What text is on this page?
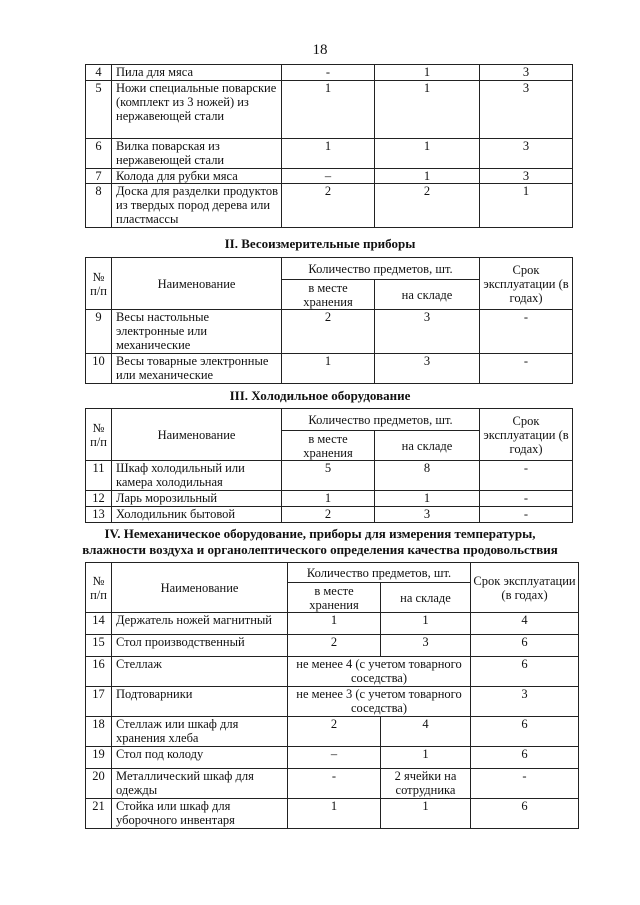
18
4	Пила для мяса	-	1	3
5	Ножи специальные поварские (комплект из 3 ножей) из нержавеющей стали	1	1	3
6	Вилка поварская из нержавеющей стали	1	1	3
7	Колода для рубки мяса	–	1	3
8	Доска для разделки продуктов из твердых пород дерева или пластмассы	2	2	1
II. Весоизмерительные приборы
№ п/п	Наименование	Количество предметов, шт.		Срок эксплуатации (в годах)
		в месте хранения	на складе	
9	Весы настольные электронные или механические	2	3	-
10	Весы товарные электронные или механические	1	3	-
III. Холодильное оборудование
№ п/п	Наименование	Количество предметов, шт.		Срок эксплуатации (в годах)
		в месте хранения	на складе	
11	Шкаф холодильный или камера холодильная	5	8	-
12	Ларь морозильный	1	1	-
13	Холодильник бытовой	2	3	-
IV. Немеханическое оборудование, приборы для измерения температуры,
влажности воздуха и органолептического определения качества продовольствия
№ п/п	Наименование	Количество предметов, шт.		Срок эксплуатации (в годах)
		в месте хранения	на складе	
14	Держатель ножей магнитный	1	1	4
15	Стол производственный	2	3	6
16	Стеллаж	не менее 4 (с учетом товарного соседства)		6
17	Подтоварники	не менее 3 (с учетом товарного соседства)		3
18	Стеллаж или шкаф для хранения хлеба	2	4	6
19	Стол под колоду	–	1	6
20	Металлический шкаф для одежды	-	2 ячейки на сотрудника	-
21	Стойка или шкаф для уборочного инвентаря	1	1	6
